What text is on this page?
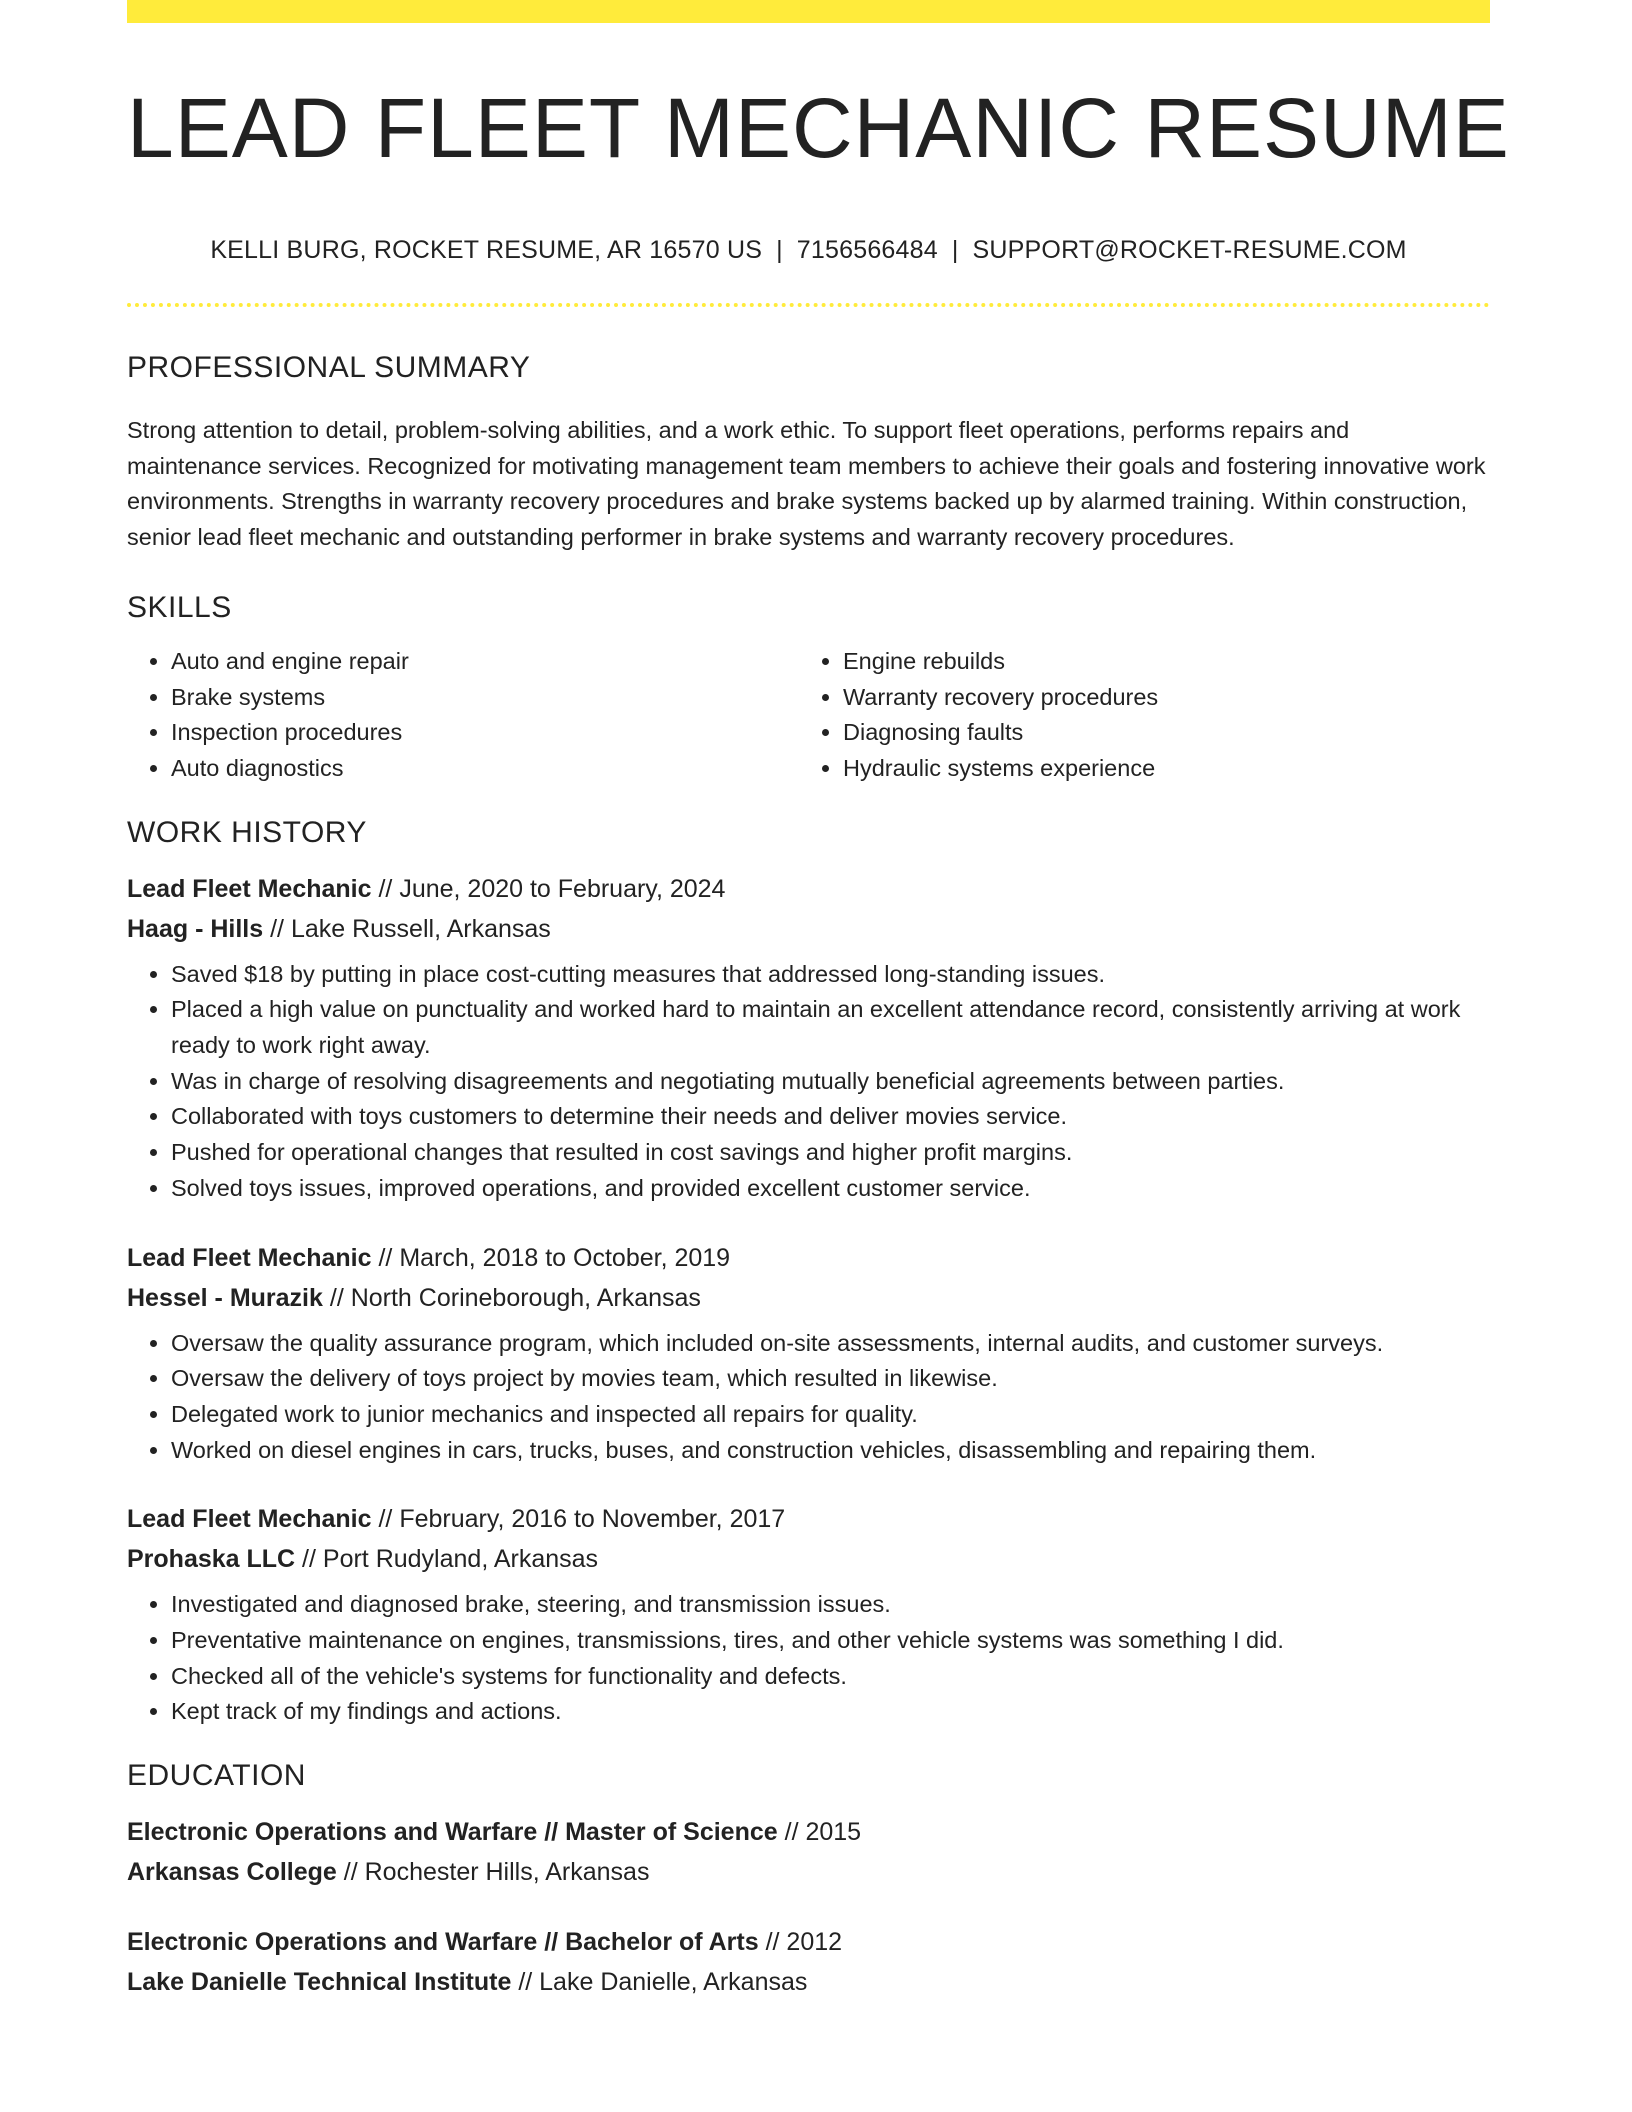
LEAD FLEET MECHANIC RESUME
KELLI BURG, ROCKET RESUME, AR 16570 US | 7156566484 | SUPPORT@ROCKET-RESUME.COM
PROFESSIONAL SUMMARY

Strong attention to detail, problem-solving abilities, and a work ethic. To support fleet operations, performs repairs and maintenance services. Recognized for motivating management team members to achieve their goals and fostering innovative work environments. Strengths in warranty recovery procedures and brake systems backed up by alarmed training. Within construction, senior lead fleet mechanic and outstanding performer in brake systems and warranty recovery procedures.

SKILLS
• Auto and engine repair
• Brake systems
• Inspection procedures
• Auto diagnostics
• Engine rebuilds
• Warranty recovery procedures
• Diagnosing faults
• Hydraulic systems experience
WORK HISTORY
Lead Fleet Mechanic // June, 2020 to February, 2024
Haag - Hills // Lake Russell, Arkansas
• Saved $18 by putting in place cost-cutting measures that addressed long-standing issues.
• Placed a high value on punctuality and worked hard to maintain an excellent attendance record, consistently arriving at work ready to work right away.
• Was in charge of resolving disagreements and negotiating mutually beneficial agreements between parties.
• Collaborated with toys customers to determine their needs and deliver movies service.
• Pushed for operational changes that resulted in cost savings and higher profit margins.
• Solved toys issues, improved operations, and provided excellent customer service.
Lead Fleet Mechanic // March, 2018 to October, 2019
Hessel - Murazik // North Corineborough, Arkansas
• Oversaw the quality assurance program, which included on-site assessments, internal audits, and customer surveys.
• Oversaw the delivery of toys project by movies team, which resulted in likewise.
• Delegated work to junior mechanics and inspected all repairs for quality.
• Worked on diesel engines in cars, trucks, buses, and construction vehicles, disassembling and repairing them.
Lead Fleet Mechanic // February, 2016 to November, 2017
Prohaska LLC // Port Rudyland, Arkansas
• Investigated and diagnosed brake, steering, and transmission issues.
• Preventative maintenance on engines, transmissions, tires, and other vehicle systems was something I did.
• Checked all of the vehicle's systems for functionality and defects.
• Kept track of my findings and actions.
EDUCATION
Electronic Operations and Warfare // Master of Science // 2015
Arkansas College // Rochester Hills, Arkansas
Electronic Operations and Warfare // Bachelor of Arts // 2012
Lake Danielle Technical Institute // Lake Danielle, Arkansas
